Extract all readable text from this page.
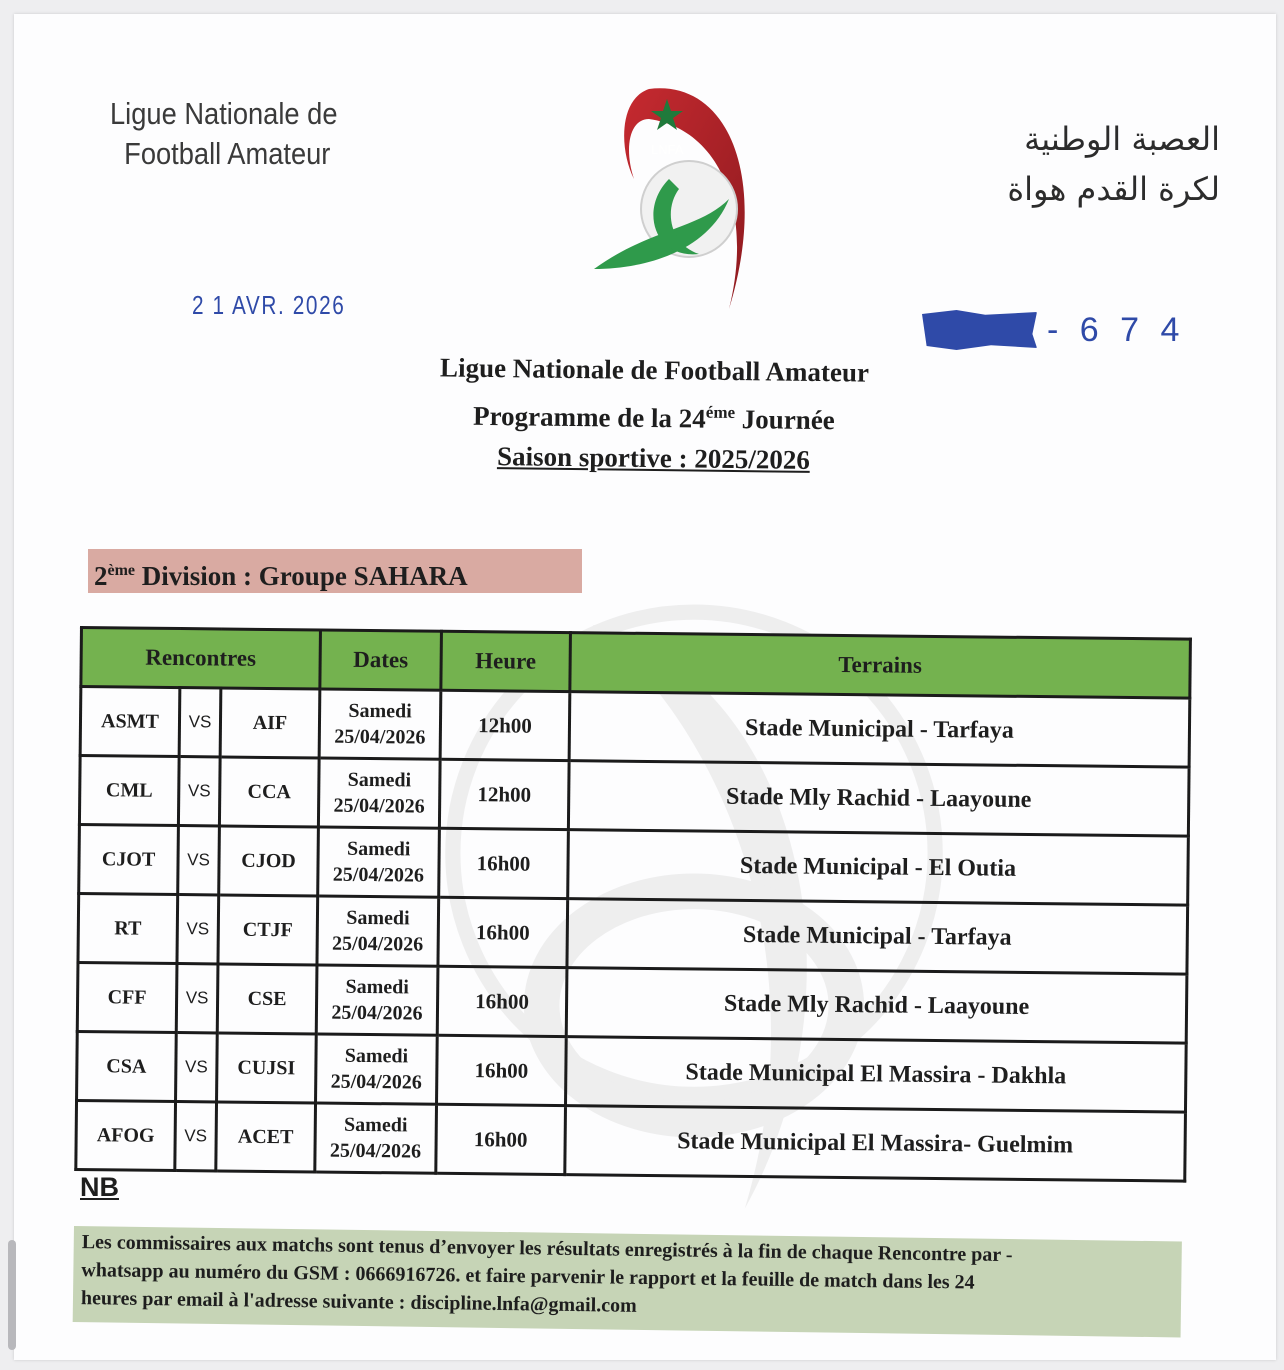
Ligue Nationale de
Football Amateur	LNFA	العصبة الوطنية
لكرة القدم هواة
2 1 AVR. 2026
- 6 7 4
Ligue Nationale de Football Amateur
Programme de la $24^{éme}$ Journée
Saison sportive : 2025/2026
2ème Division : Groupe SAHARA
Rencontres			Dates	Heure	Terrains
ASMT	VS	AIF	Samedi
25/04/2026	12h00	Stade Municipal - Tarfaya
CML	VS	CCA	Samedi
25/04/2026	12h00	Stade Mly Rachid - Laayoune
CJOT	VS	CJOD	Samedi
25/04/2026	16h00	Stade Municipal - El Outia
RT	VS	CTJF	Samedi
25/04/2026	16h00	Stade Municipal - Tarfaya
CFF	VS	CSE	Samedi
25/04/2026	16h00	Stade Mly Rachid - Laayoune
CSA	VS	CUJSI	Samedi
25/04/2026	16h00	Stade Municipal El Massira - Dakhla
AFOG	VS	ACET	Samedi
25/04/2026	16h00	Stade Municipal El Massira- Guelmim
NB
Les commissaires aux matchs sont tenus d’envoyer les résultats enregistrés à la fin de chaque Rencontre par -
whatsapp au numéro du GSM : 0666916726. et faire parvenir le rapport et la feuille de match dans les 24
heures par email à l'adresse suivante : discipline.lnfa@gmail.com
